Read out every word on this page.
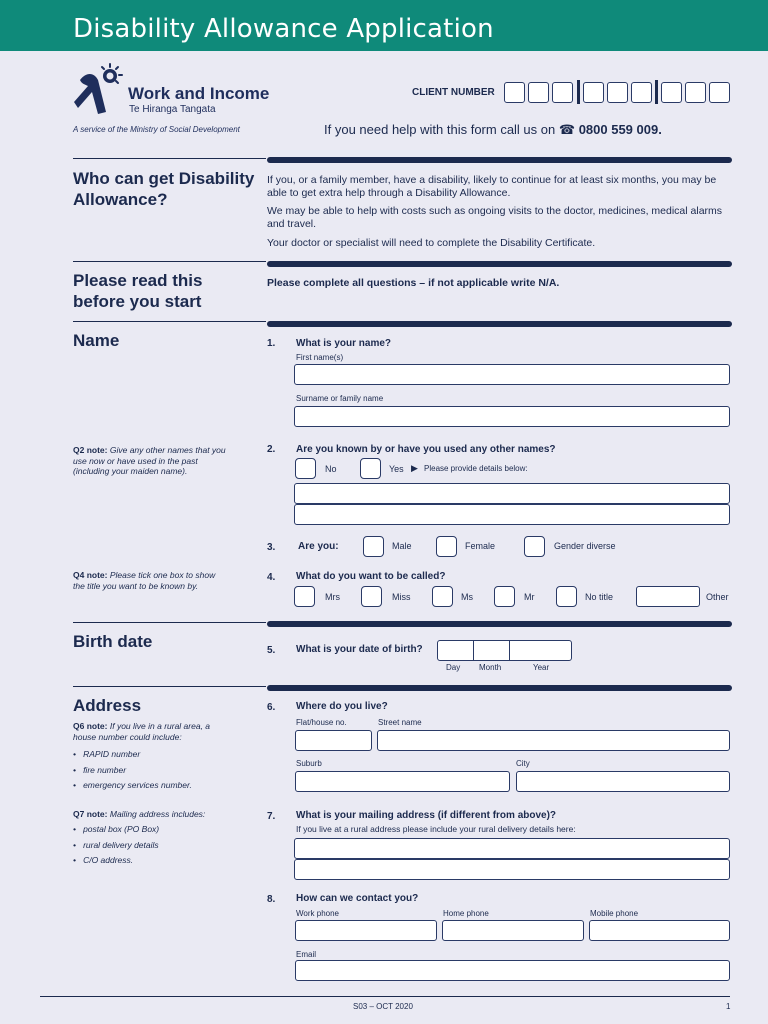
Disability Allowance Application
Work and Income
Te Hiranga Tangata
A service of the Ministry of Social Development
CLIENT NUMBER
If you need help with this form call us on ☎ 0800 559 009.
Who can get Disability Allowance?
If you, or a family member, have a disability, likely to continue for at least six months, you may be able to get extra help through a Disability Allowance.
We may be able to help with costs such as ongoing visits to the doctor, medicines, medical alarms and travel.
Your doctor or specialist will need to complete the Disability Certificate.
Please read this before you start
Please complete all questions – if not applicable write N/A.
Name	1. What is your name?
First name(s)
Surname or family name
Q2 note: Give any other names that you use now or have used in the past (including your maiden name).
2. Are you known by or have you used any other names?
No	Yes ▶ Please provide details below:
3. Are you:	Male	Female	Gender diverse
Q4 note: Please tick one box to show the title you want to be known by.
4. What do you want to be called?
Mrs	Miss	Ms	Mr	No title	Other
Birth date	5. What is your date of birth?
Day Month	Year
Address
Q6 note: If you live in a rural area, a house number could include:
•   RAPID number
•   fire number
•   emergency services number.
Q7 note: Mailing address includes:
•   postal box (PO Box)
•   rural delivery details
•   C/O address.
6. Where do you live?
Flat/house no.	Street name
Suburb	City
7. What is your mailing address (if different from above)?
If you live at a rural address please include your rural delivery details here:
8. How can we contact you?
Work phone	Home phone	Mobile phone
Email
S03 – OCT 2020	1
